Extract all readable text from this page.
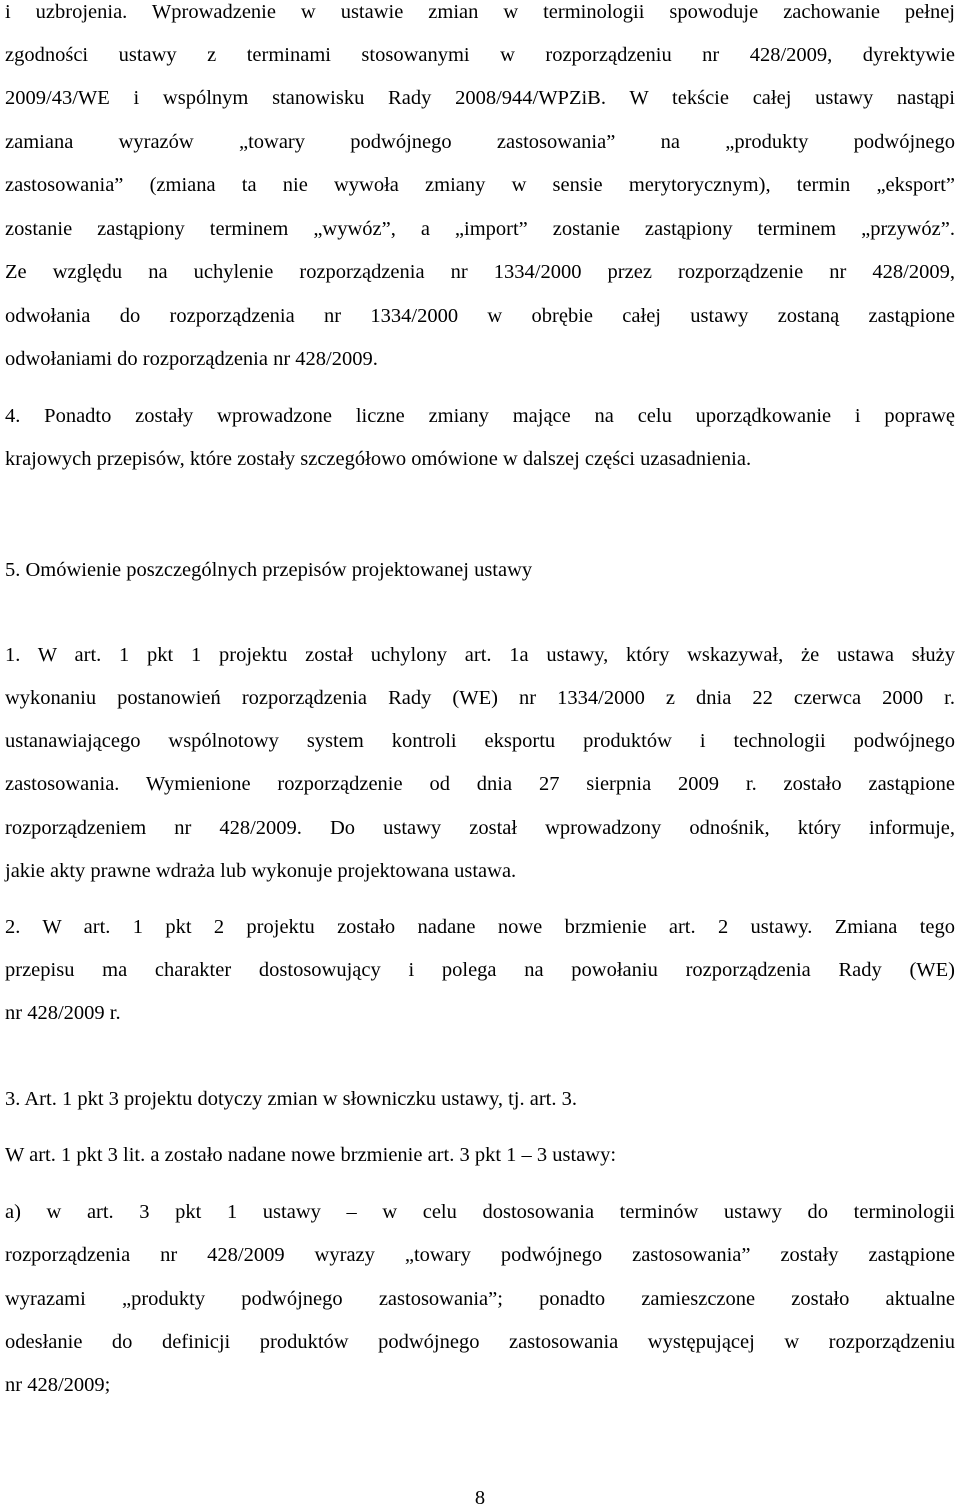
i uzbrojenia. Wprowadzenie w ustawie zmian w terminologii spowoduje zachowanie pełnej

zgodności ustawy z terminami stosowanymi w rozporządzeniu nr 428/2009, dyrektywie

2009/43/WE i wspólnym stanowisku Rady 2008/944/WPZiB. W tekście całej ustawy nastąpi

zamiana wyrazów „towary podwójnego zastosowania” na „produkty podwójnego

zastosowania” (zmiana ta nie wywoła zmiany w sensie merytorycznym), termin „eksport”

zostanie zastąpiony terminem „wywóz”, a „import” zostanie zastąpiony terminem „przywóz”.

Ze względu na uchylenie rozporządzenia nr 1334/2000 przez rozporządzenie nr 428/2009,

odwołania do rozporządzenia nr 1334/2000 w obrębie całej ustawy zostaną zastąpione

odwołaniami do rozporządzenia nr 428/2009.

4. Ponadto zostały wprowadzone liczne zmiany mające na celu uporządkowanie i poprawę

krajowych przepisów, które zostały szczegółowo omówione w dalszej części uzasadnienia.

5. Omówienie poszczególnych przepisów projektowanej ustawy

1. W art. 1 pkt 1 projektu został uchylony art. 1a ustawy, który wskazywał, że ustawa służy

wykonaniu postanowień rozporządzenia Rady (WE) nr 1334/2000 z dnia 22 czerwca 2000 r.

ustanawiającego wspólnotowy system kontroli eksportu produktów i technologii podwójnego

zastosowania. Wymienione rozporządzenie od dnia 27 sierpnia 2009 r. zostało zastąpione

rozporządzeniem nr 428/2009. Do ustawy został wprowadzony odnośnik, który informuje,

jakie akty prawne wdraża lub wykonuje projektowana ustawa.

2. W art. 1 pkt 2 projektu zostało nadane nowe brzmienie art. 2 ustawy. Zmiana tego

przepisu ma charakter dostosowujący i polega na powołaniu rozporządzenia Rady (WE)

nr 428/2009 r.

3. Art. 1 pkt 3 projektu dotyczy zmian w słowniczku ustawy, tj. art. 3.

W art. 1 pkt 3 lit. a zostało nadane nowe brzmienie art. 3 pkt 1 – 3 ustawy:

a) w art. 3 pkt 1 ustawy – w celu dostosowania terminów ustawy do terminologii

rozporządzenia nr 428/2009 wyrazy „towary podwójnego zastosowania” zostały zastąpione

wyrazami „produkty podwójnego zastosowania”; ponadto zamieszczone zostało aktualne

odesłanie do definicji produktów podwójnego zastosowania występującej w rozporządzeniu

nr 428/2009;

8
